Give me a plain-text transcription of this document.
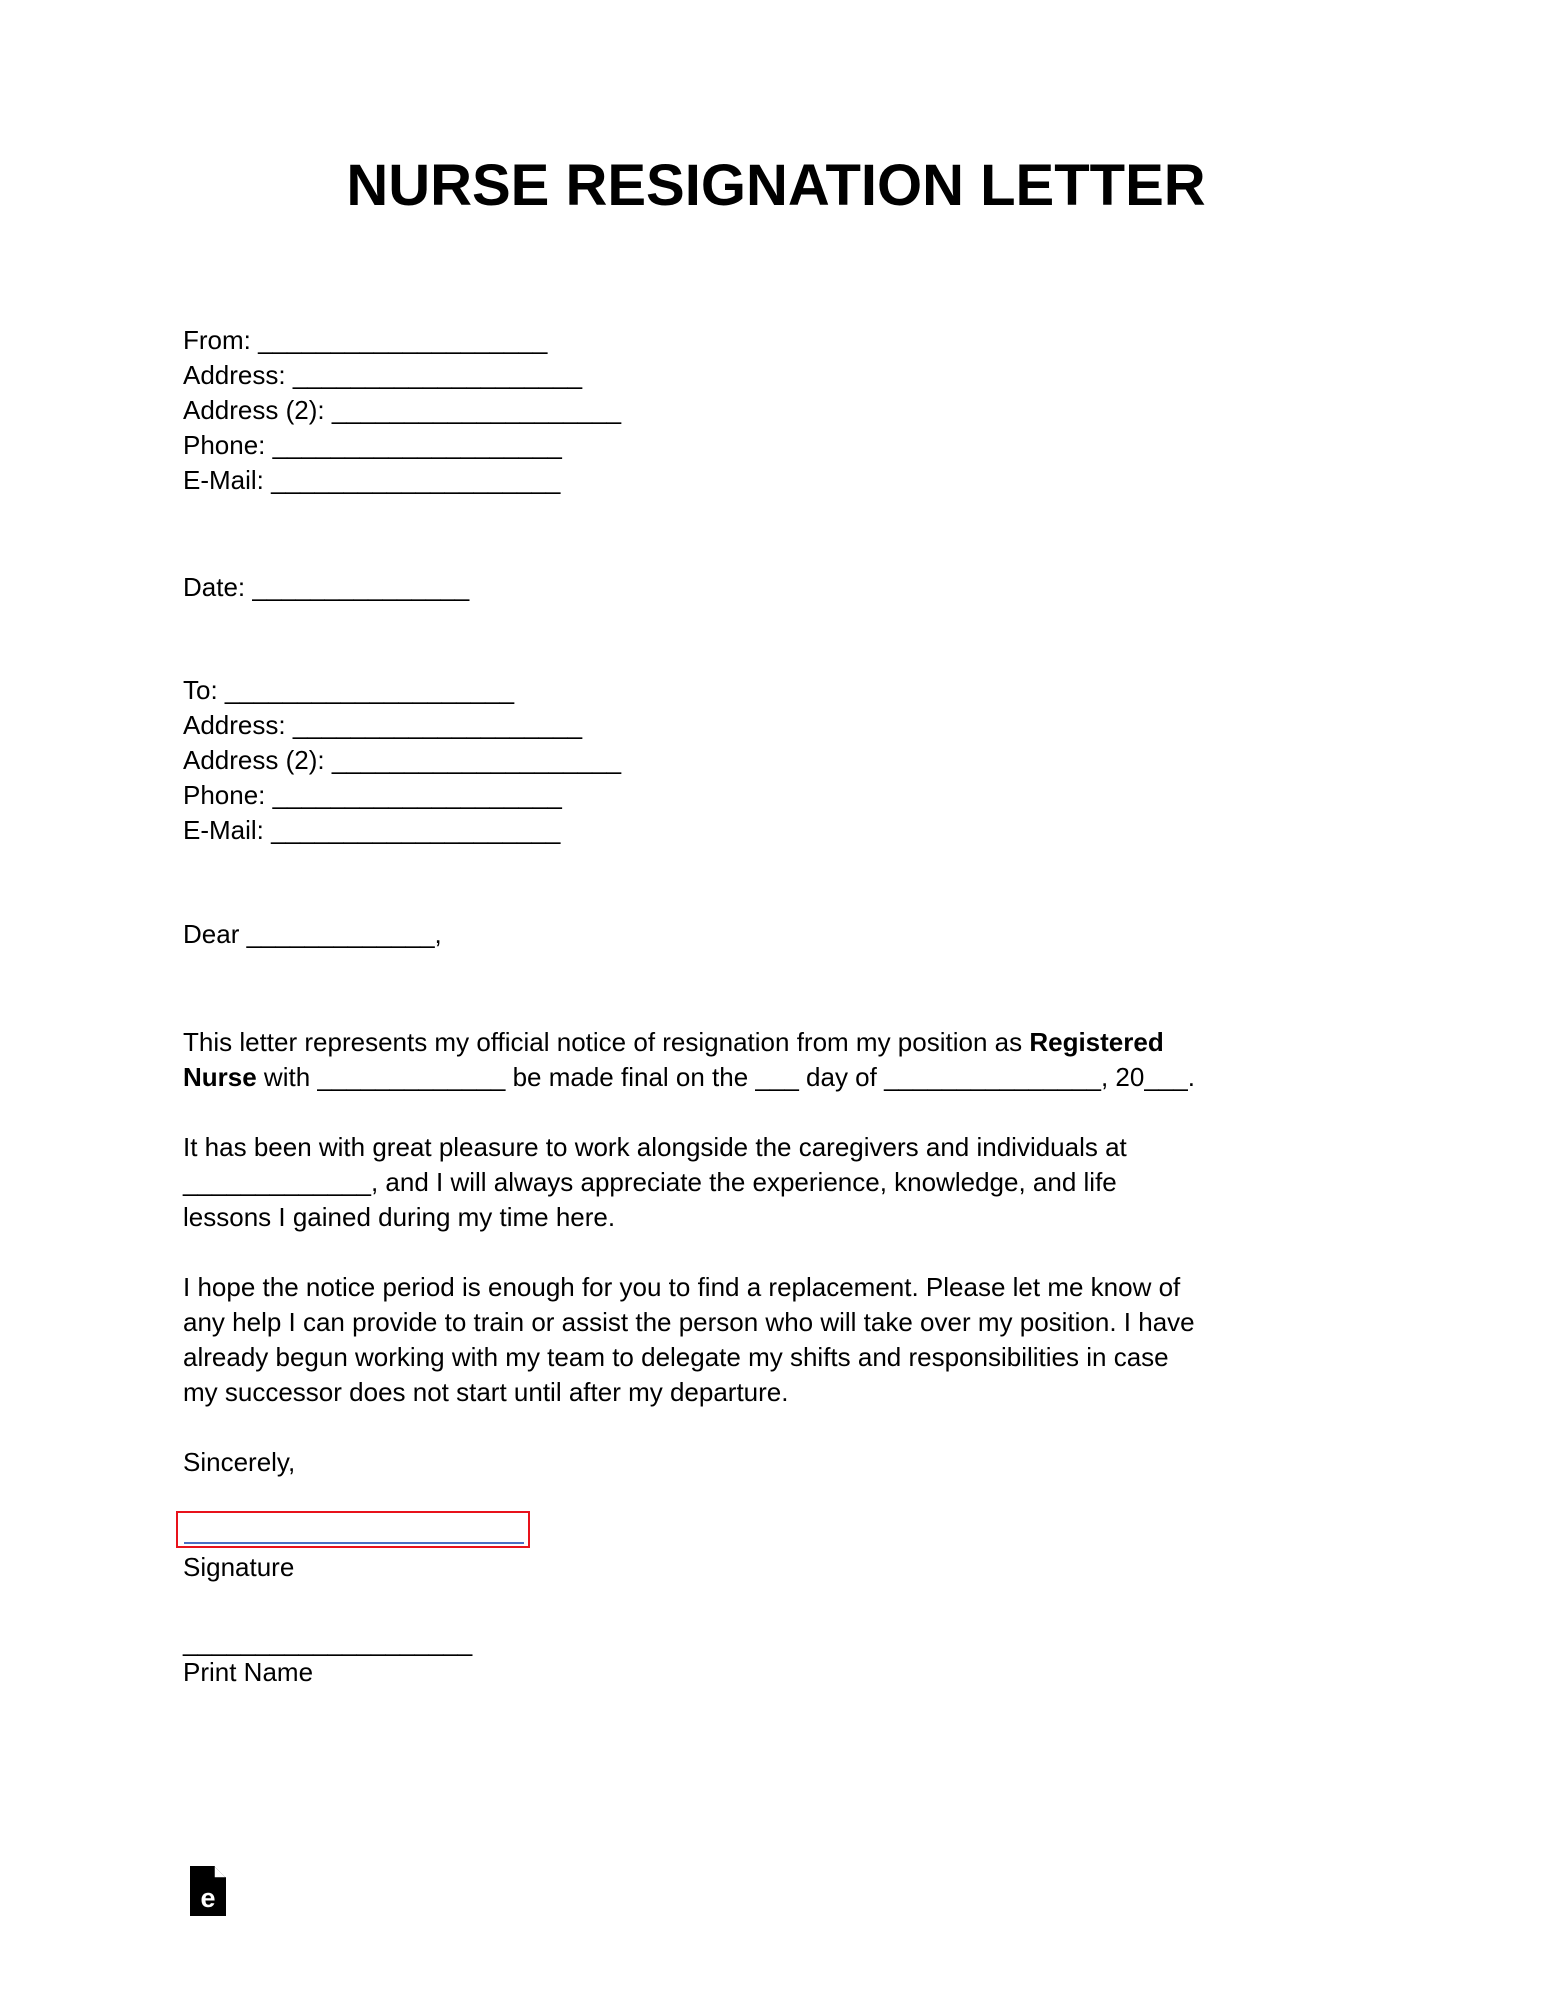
NURSE RESIGNATION LETTER
From: ____________________
Address: ____________________
Address (2): ____________________
Phone: ____________________
E-Mail: ____________________
Date: _______________
To: ____________________
Address: ____________________
Address (2): ____________________
Phone: ____________________
E-Mail: ____________________
Dear _____________,
This letter represents my official notice of resignation from my position as Registered
Nurse with _____________ be made final on the ___ day of _______________, 20___.
It has been with great pleasure to work alongside the caregivers and individuals at
_____________, and I will always appreciate the experience, knowledge, and life
lessons I gained during my time here.
I hope the notice period is enough for you to find a replacement. Please let me know of
any help I can provide to train or assist the person who will take over my position. I have
already begun working with my team to delegate my shifts and responsibilities in case
my successor does not start until after my departure.
Sincerely,
Signature
____________________
Print Name
e
